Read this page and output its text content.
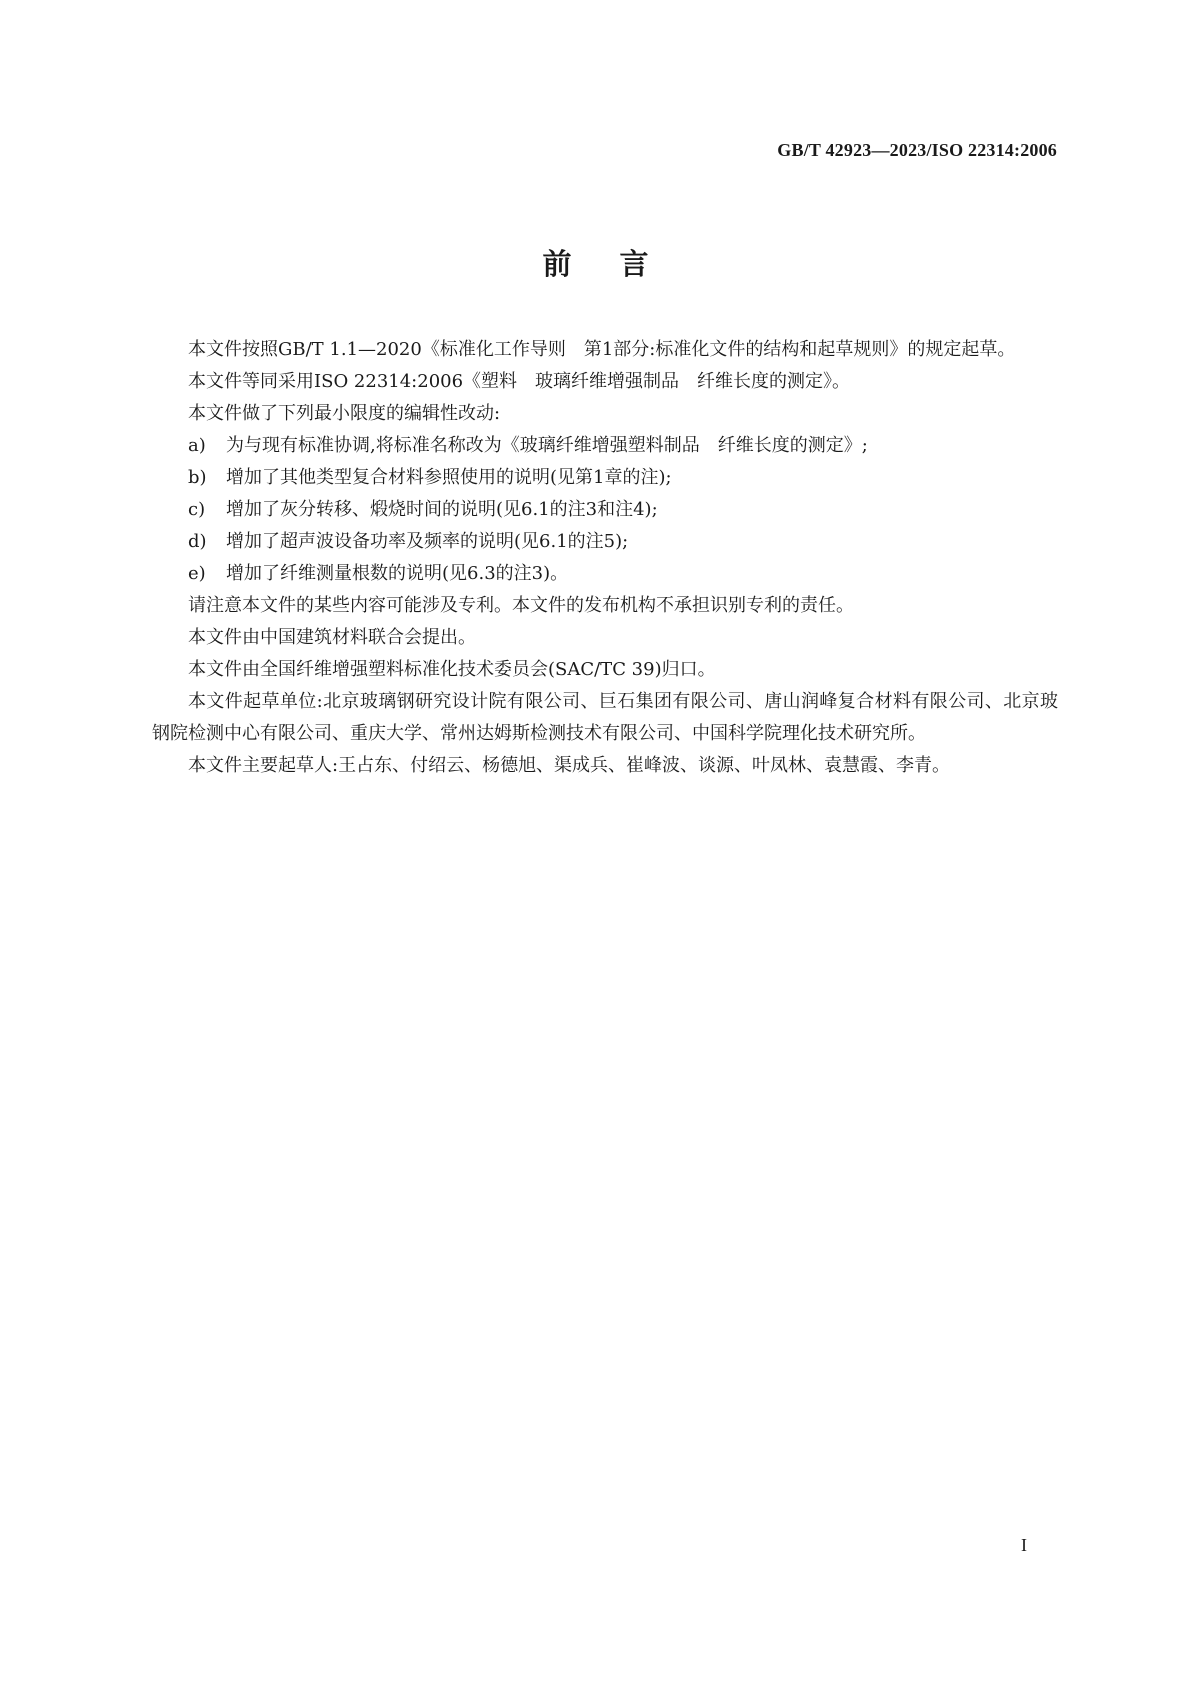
GB/T 42923—2023/ISO 22314:2006
前言

本文件按照GB/T 1.1—2020《标准化工作导则　第1部分:标准化文件的结构和起草规则》的规定起草。

本文件等同采用ISO 22314:2006《塑料　玻璃纤维增强制品　纤维长度的测定》。

本文件做了下列最小限度的编辑性改动:

a)	为与现有标准协调,将标准名称改为《玻璃纤维增强塑料制品　纤维长度的测定》;
b)	增加了其他类型复合材料参照使用的说明(见第1章的注);
c)	增加了灰分转移、煅烧时间的说明(见6.1的注3和注4);
d)	增加了超声波设备功率及频率的说明(见6.1的注5);
e)	增加了纤维测量根数的说明(见6.3的注3)。

请注意本文件的某些内容可能涉及专利。本文件的发布机构不承担识别专利的责任。

本文件由中国建筑材料联合会提出。

本文件由全国纤维增强塑料标准化技术委员会(SAC/TC 39)归口。

本文件起草单位:北京玻璃钢研究设计院有限公司、巨石集团有限公司、唐山润峰复合材料有限公司、北京玻钢院检测中心有限公司、重庆大学、常州达姆斯检测技术有限公司、中国科学院理化技术研究所。

本文件主要起草人:王占东、付绍云、杨德旭、渠成兵、崔峰波、谈源、叶凤林、袁慧霞、李青。

I
